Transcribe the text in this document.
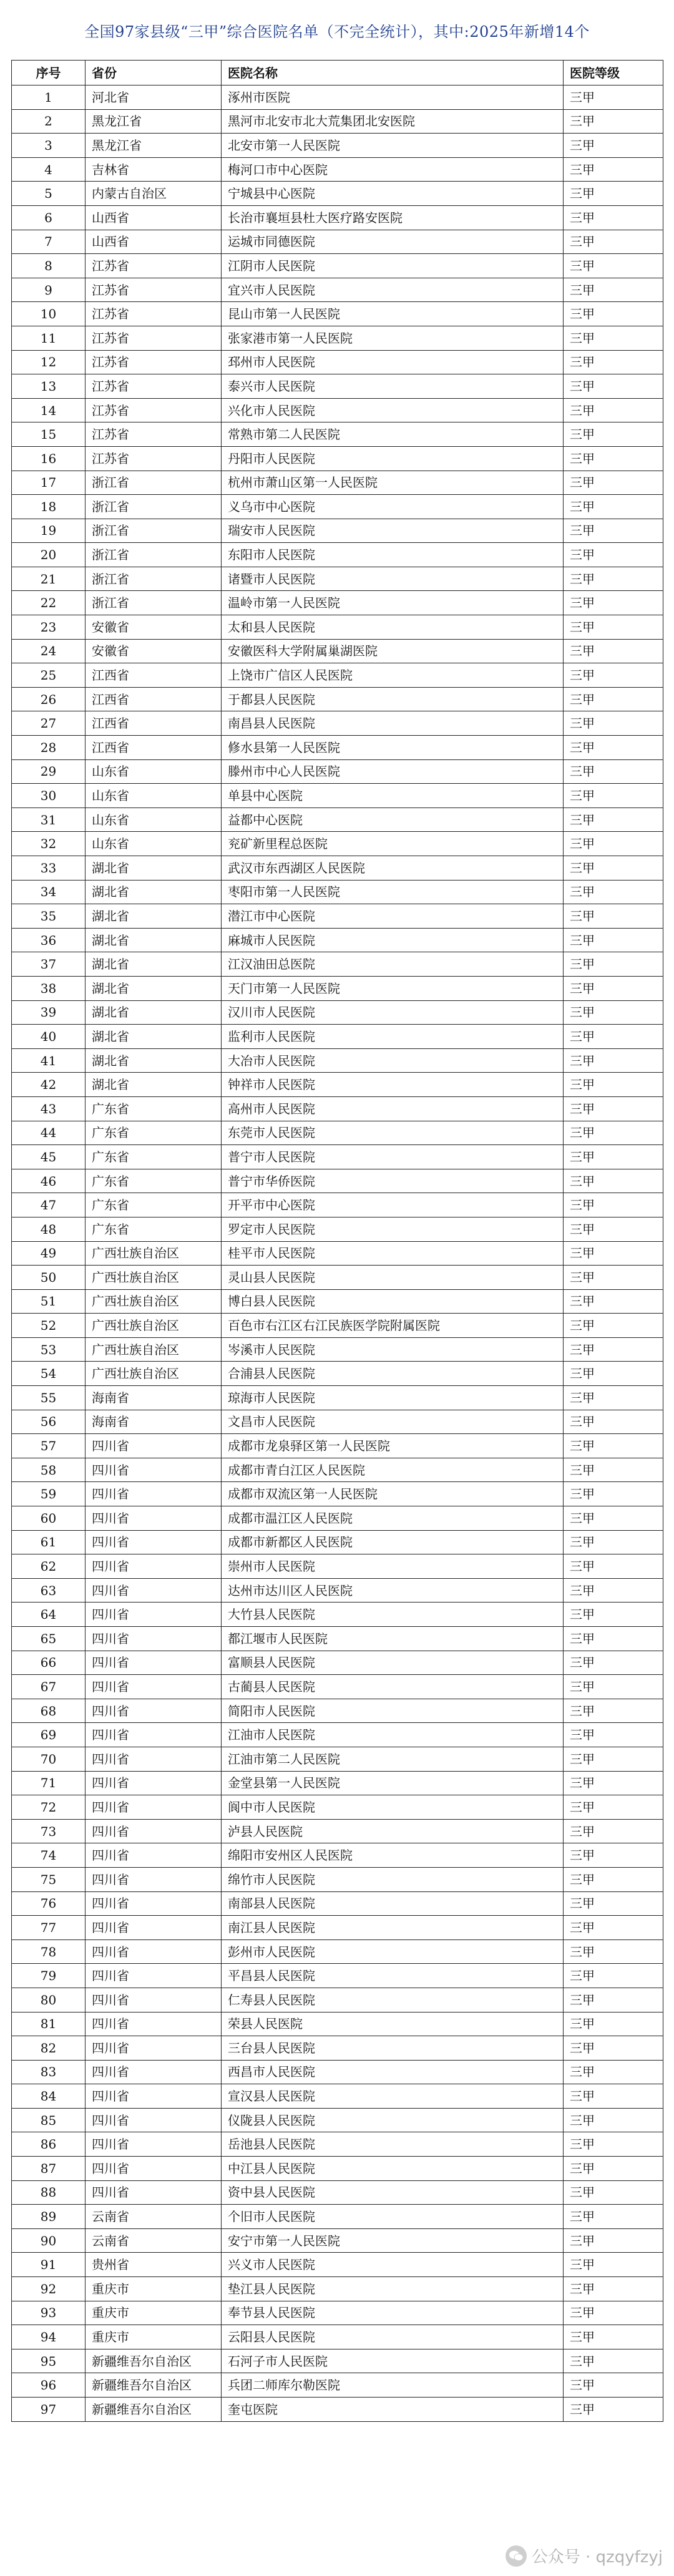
全国97家县级“三甲”综合医院名单（不完全统计），其中:2025年新增14个
序号	省份	医院名称	医院等级
1	河北省	涿州市医院	三甲
2	黑龙江省	黑河市北安市北大荒集团北安医院	三甲
3	黑龙江省	北安市第一人民医院	三甲
4	吉林省	梅河口市中心医院	三甲
5	内蒙古自治区	宁城县中心医院	三甲
6	山西省	长治市襄垣县杜大医疗路安医院	三甲
7	山西省	运城市同德医院	三甲
8	江苏省	江阴市人民医院	三甲
9	江苏省	宜兴市人民医院	三甲
10	江苏省	昆山市第一人民医院	三甲
11	江苏省	张家港市第一人民医院	三甲
12	江苏省	邳州市人民医院	三甲
13	江苏省	泰兴市人民医院	三甲
14	江苏省	兴化市人民医院	三甲
15	江苏省	常熟市第二人民医院	三甲
16	江苏省	丹阳市人民医院	三甲
17	浙江省	杭州市萧山区第一人民医院	三甲
18	浙江省	义乌市中心医院	三甲
19	浙江省	瑞安市人民医院	三甲
20	浙江省	东阳市人民医院	三甲
21	浙江省	诸暨市人民医院	三甲
22	浙江省	温岭市第一人民医院	三甲
23	安徽省	太和县人民医院	三甲
24	安徽省	安徽医科大学附属巢湖医院	三甲
25	江西省	上饶市广信区人民医院	三甲
26	江西省	于都县人民医院	三甲
27	江西省	南昌县人民医院	三甲
28	江西省	修水县第一人民医院	三甲
29	山东省	滕州市中心人民医院	三甲
30	山东省	单县中心医院	三甲
31	山东省	益都中心医院	三甲
32	山东省	兖矿新里程总医院	三甲
33	湖北省	武汉市东西湖区人民医院	三甲
34	湖北省	枣阳市第一人民医院	三甲
35	湖北省	潜江市中心医院	三甲
36	湖北省	麻城市人民医院	三甲
37	湖北省	江汉油田总医院	三甲
38	湖北省	天门市第一人民医院	三甲
39	湖北省	汉川市人民医院	三甲
40	湖北省	监利市人民医院	三甲
41	湖北省	大冶市人民医院	三甲
42	湖北省	钟祥市人民医院	三甲
43	广东省	高州市人民医院	三甲
44	广东省	东莞市人民医院	三甲
45	广东省	普宁市人民医院	三甲
46	广东省	普宁市华侨医院	三甲
47	广东省	开平市中心医院	三甲
48	广东省	罗定市人民医院	三甲
49	广西壮族自治区	桂平市人民医院	三甲
50	广西壮族自治区	灵山县人民医院	三甲
51	广西壮族自治区	博白县人民医院	三甲
52	广西壮族自治区	百色市右江区右江民族医学院附属医院	三甲
53	广西壮族自治区	岑溪市人民医院	三甲
54	广西壮族自治区	合浦县人民医院	三甲
55	海南省	琼海市人民医院	三甲
56	海南省	文昌市人民医院	三甲
57	四川省	成都市龙泉驿区第一人民医院	三甲
58	四川省	成都市青白江区人民医院	三甲
59	四川省	成都市双流区第一人民医院	三甲
60	四川省	成都市温江区人民医院	三甲
61	四川省	成都市新都区人民医院	三甲
62	四川省	崇州市人民医院	三甲
63	四川省	达州市达川区人民医院	三甲
64	四川省	大竹县人民医院	三甲
65	四川省	都江堰市人民医院	三甲
66	四川省	富顺县人民医院	三甲
67	四川省	古蔺县人民医院	三甲
68	四川省	简阳市人民医院	三甲
69	四川省	江油市人民医院	三甲
70	四川省	江油市第二人民医院	三甲
71	四川省	金堂县第一人民医院	三甲
72	四川省	阆中市人民医院	三甲
73	四川省	泸县人民医院	三甲
74	四川省	绵阳市安州区人民医院	三甲
75	四川省	绵竹市人民医院	三甲
76	四川省	南部县人民医院	三甲
77	四川省	南江县人民医院	三甲
78	四川省	彭州市人民医院	三甲
79	四川省	平昌县人民医院	三甲
80	四川省	仁寿县人民医院	三甲
81	四川省	荣县人民医院	三甲
82	四川省	三台县人民医院	三甲
83	四川省	西昌市人民医院	三甲
84	四川省	宣汉县人民医院	三甲
85	四川省	仪陇县人民医院	三甲
86	四川省	岳池县人民医院	三甲
87	四川省	中江县人民医院	三甲
88	四川省	资中县人民医院	三甲
89	云南省	个旧市人民医院	三甲
90	云南省	安宁市第一人民医院	三甲
91	贵州省	兴义市人民医院	三甲
92	重庆市	垫江县人民医院	三甲
93	重庆市	奉节县人民医院	三甲
94	重庆市	云阳县人民医院	三甲
95	新疆维吾尔自治区	石河子市人民医院	三甲
96	新疆维吾尔自治区	兵团二师库尔勒医院	三甲
97	新疆维吾尔自治区	奎屯医院	三甲
公众号 · qzqyfzyj
